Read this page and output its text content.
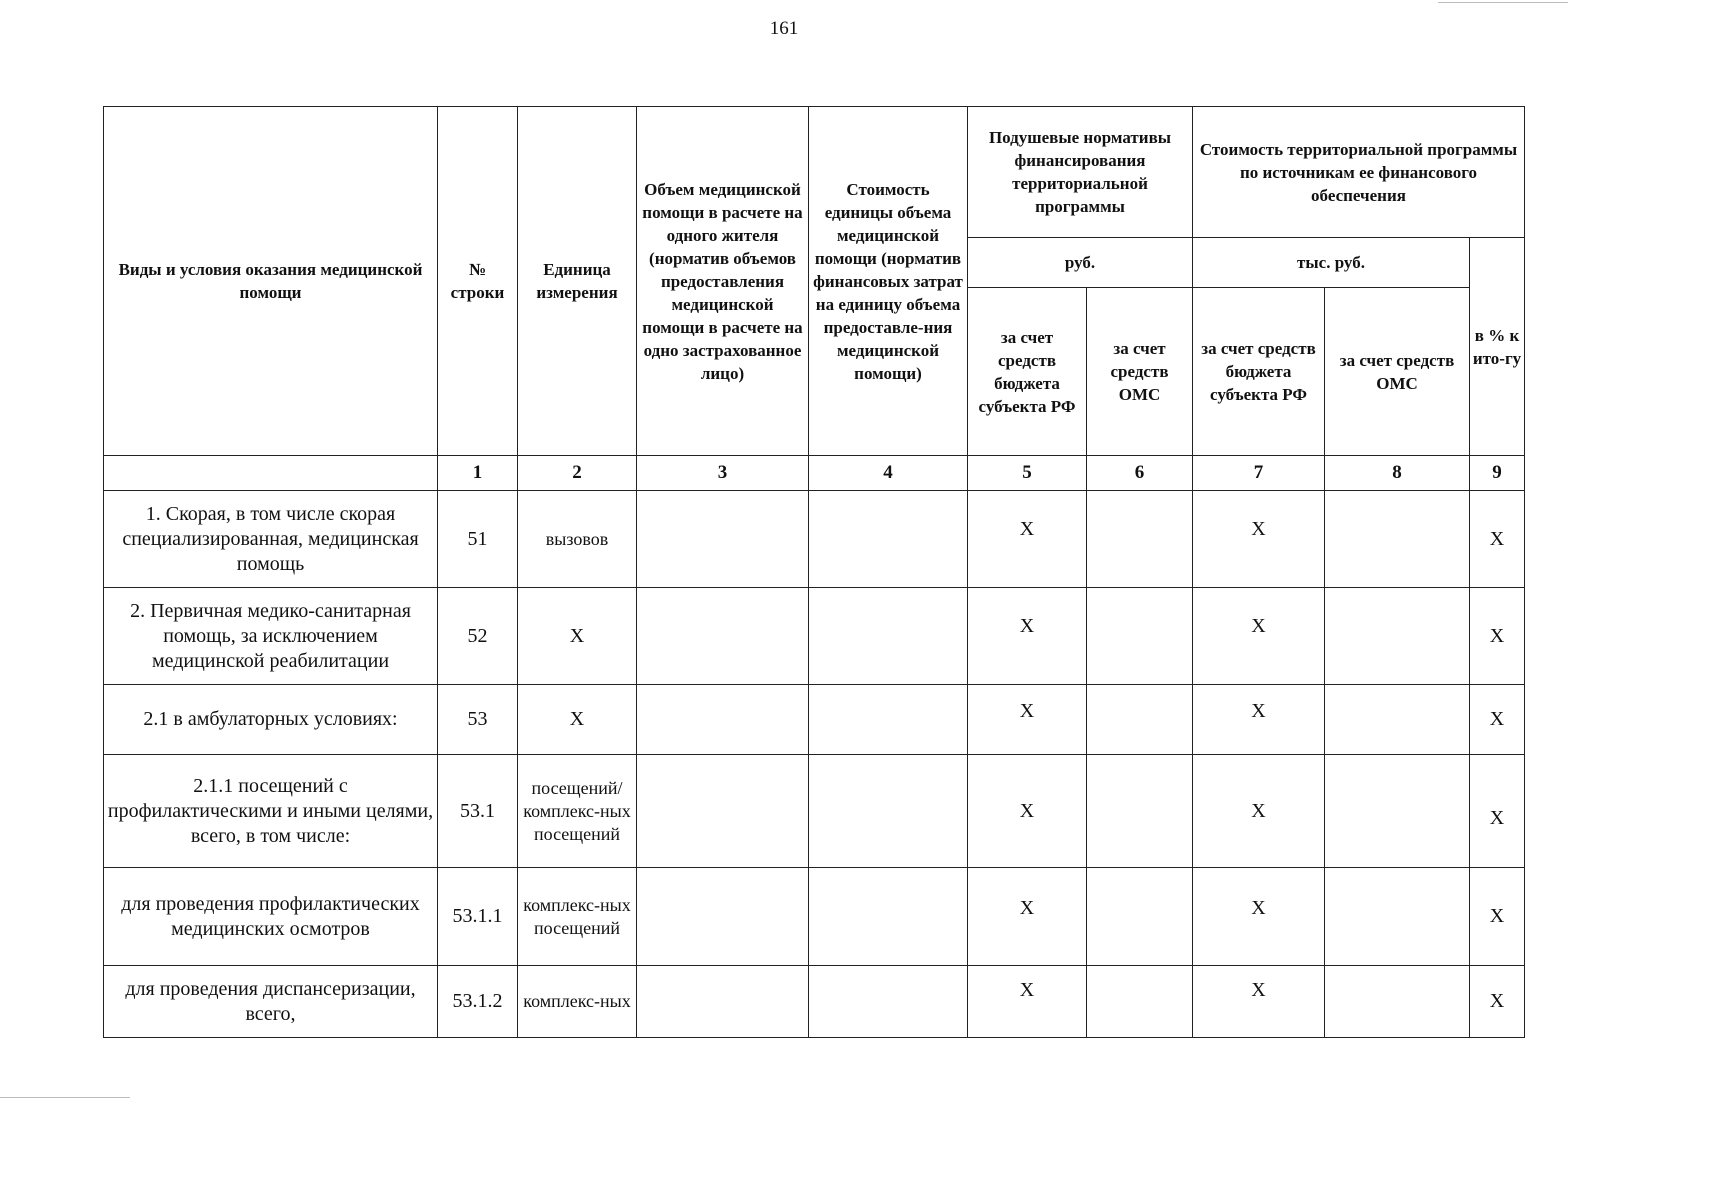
161
Виды и условия оказания медицинской помощи	№ строки	Единица измерения	Объем медицинской помощи в расчете на одного жителя (норматив объемов предоставления медицинской помощи в расчете на одно застрахованное лицо)	Стоимость единицы объема медицинской помощи (норматив финансовых затрат на единицу объема предоставле-ния медицинской помощи)	Подушевые нормативы финансирования территориальной программы		Стоимость территориальной программы по источникам ее финансового обеспечения		
					руб.		тыс. руб.		в % к ито-гу
					за счет средств бюджета субъекта РФ	за счет средств ОМС	за счет средств бюджета субъекта РФ	за счет средств ОМС	
	1	2	3	4	5	6	7	8	9
1. Скорая, в том числе скорая специализированная, медицинская помощь	51	вызовов			Х		Х		Х
2. Первичная медико-санитарная помощь, за исключением медицинской реабилитации	52	Х			Х		Х		Х
2.1 в амбулаторных условиях:	53	Х			Х		Х		Х
2.1.1 посещений с профилактическими и иными целями, всего, в том числе:	53.1	посещений/ комплекс-ных посещений			Х		Х		Х
для проведения профилактических медицинских осмотров	53.1.1	комплекс-ных посещений			Х		Х		Х
для проведения диспансеризации, всего,	53.1.2	комплекс-ных			Х		Х		Х
